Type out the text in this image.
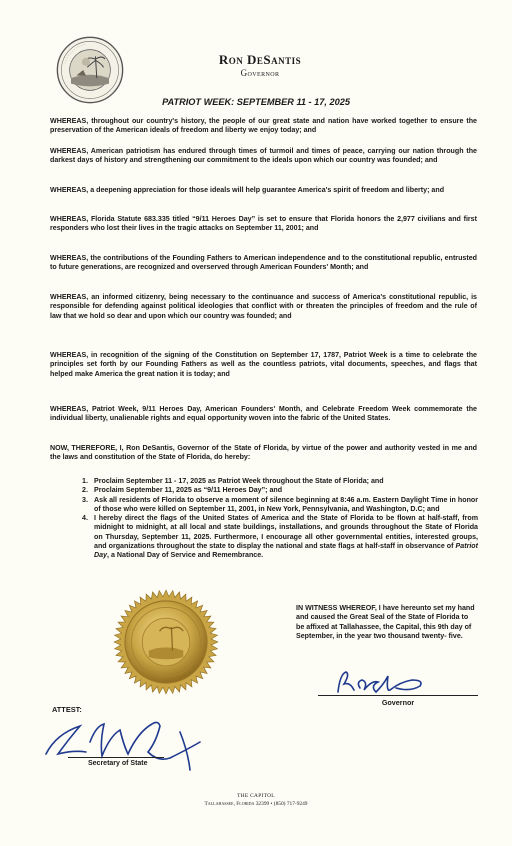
· · · · · · · · · · ·
Ron DeSantis
Governor
PATRIOT WEEK: SEPTEMBER 11 - 17, 2025

WHEREAS, throughout our country's history, the people of our great state and nation have worked together to ensure the preservation of the American ideals of freedom and liberty we enjoy today; and

WHEREAS, American patriotism has endured through times of turmoil and times of peace, carrying our nation through the darkest days of history and strengthening our commitment to the ideals upon which our country was founded; and

WHEREAS, a deepening appreciation for those ideals will help guarantee America's spirit of freedom and liberty; and

WHEREAS, Florida Statute 683.335 titled “9/11 Heroes Day” is set to ensure that Florida honors the 2,977 civilians and first responders who lost their lives in the tragic attacks on September 11, 2001; and

WHEREAS, the contributions of the Founding Fathers to American independence and to the constitutional republic, entrusted to future generations, are recognized and overserved through American Founders' Month; and

WHEREAS, an informed citizenry, being necessary to the continuance and success of America's constitutional republic, is responsible for defending against political ideologies that conflict with or threaten the principles of freedom and the rule of law that we hold so dear and upon which our country was founded; and

WHEREAS, in recognition of the signing of the Constitution on September 17, 1787, Patriot Week is a time to celebrate the principles set forth by our Founding Fathers as well as the countless patriots, vital documents, speeches, and flags that helped make America the great nation it is today; and

WHEREAS, Patriot Week, 9/11 Heroes Day, American Founders' Month, and Celebrate Freedom Week commemorate the individual liberty, unalienable rights and equal opportunity woven into the fabric of the United States.

NOW, THEREFORE, I, Ron DeSantis, Governor of the State of Florida, by virtue of the power and authority vested in me and the laws and constitution of the State of Florida, do hereby:

1. Proclaim September 11 - 17, 2025 as Patriot Week throughout the State of Florida; and
2. Proclaim September 11, 2025 as “9/11 Heroes Day”; and
3. Ask all residents of Florida to observe a moment of silence beginning at 8:46 a.m. Eastern Daylight Time in honor of those who were killed on September 11, 2001, in New York, Pennsylvania, and Washington, D.C; and
4. I hereby direct the flags of the United States of America and the State of Florida to be flown at half-staff, from midnight to midnight, at all local and state buildings, installations, and grounds throughout the State of Florida on Thursday, September 11, 2025. Furthermore, I encourage all other governmental entities, interested groups, and organizations throughout the state to display the national and state flags at half-staff in observance of Patriot Day, a National Day of Service and Remembrance.

IN WITNESS WHEREOF, I have hereunto set my hand and caused the Great Seal of the State of Florida to be affixed at Tallahassee, the Capital, this 9th day of September, in the year two thousand twenty- five.

Governor
ATTEST:
Secretary of State
THE CAPITOL
Tallahassee, Florida 32399 • (850) 717-9249
